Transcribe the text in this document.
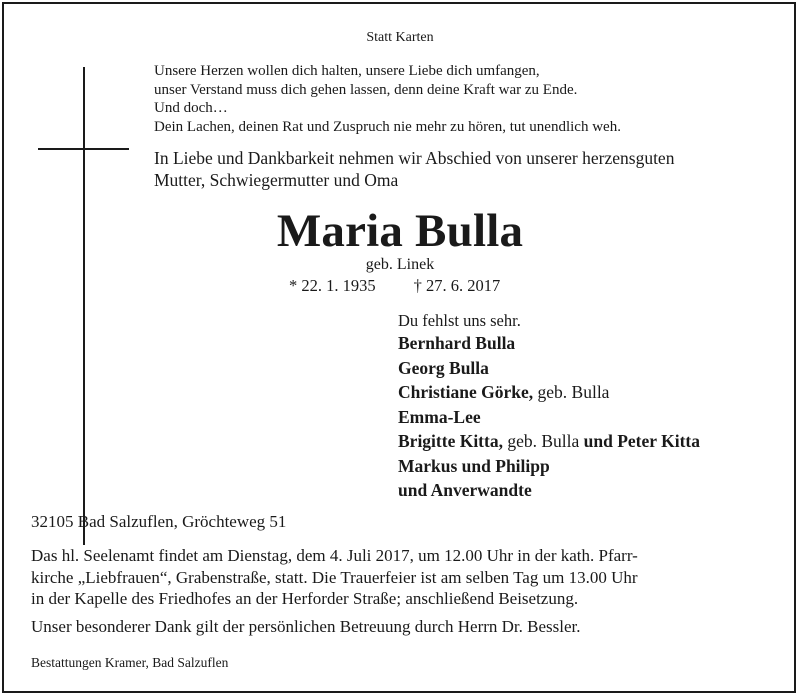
Statt Karten
Unsere Herzen wollen dich halten, unsere Liebe dich umfangen,
unser Verstand muss dich gehen lassen, denn deine Kraft war zu Ende.
Und doch…
Dein Lachen, deinen Rat und Zuspruch nie mehr zu hören, tut unendlich weh.
In Liebe und Dankbarkeit nehmen wir Abschied von unserer herzensguten
Mutter, Schwiegermutter und Oma
Maria Bulla
geb. Linek
* 22. 1. 1935 † 27. 6. 2017
Du fehlst uns sehr.
Bernhard Bulla
Georg Bulla
Christiane Görke, geb. Bulla
Emma-Lee
Brigitte Kitta, geb. Bulla und Peter Kitta
Markus und Philipp
und Anverwandte
32105 Bad Salzuflen, Gröchteweg 51
Das hl. Seelenamt findet am Dienstag, dem 4. Juli 2017, um 12.00 Uhr in der kath. Pfarr-
kirche „Liebfrauen“, Grabenstraße, statt. Die Trauerfeier ist am selben Tag um 13.00 Uhr
in der Kapelle des Friedhofes an der Herforder Straße; anschließend Beisetzung.
Unser besonderer Dank gilt der persönlichen Betreuung durch Herrn Dr. Bessler.
Bestattungen Kramer, Bad Salzuflen
